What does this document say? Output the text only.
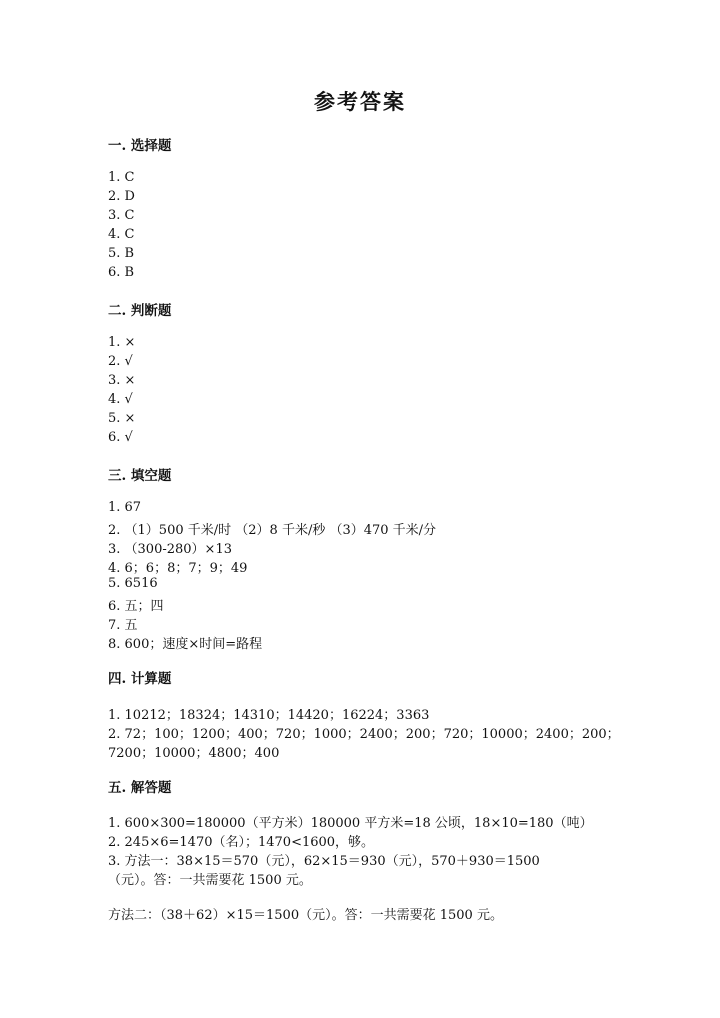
参考答案
一. 选择题
1. C
2. D
3. C
4. C
5. B
6. B
二. 判断题
1. ×
2. √
3. ×
4. √
5. ×
6. √
三. 填空题
1. 67
2. （1）500 千米/时 （2）8 千米/秒 （3）470 千米/分
3. （300-280）×13
4. 6；6；8；7；9；49
5. 6516
6. 五；四
7. 五
8. 600；速度×时间=路程
四. 计算题
1. 10212；18324；14310；14420；16224；3363
2. 72；100；1200；400；720；1000；2400；200；720；10000；2400；200；
7200；10000；4800；400
五. 解答题
1. 600×300=180000（平方米）180000 平方米=18 公顷，18×10=180（吨）
2. 245×6=1470（名）；1470<1600，够。
3. 方法一：38×15＝570（元），62×15＝930（元），570＋930＝1500
（元）。答：一共需要花 1500 元。
方法二：（38＋62）×15＝1500（元）。答：一共需要花 1500 元。
